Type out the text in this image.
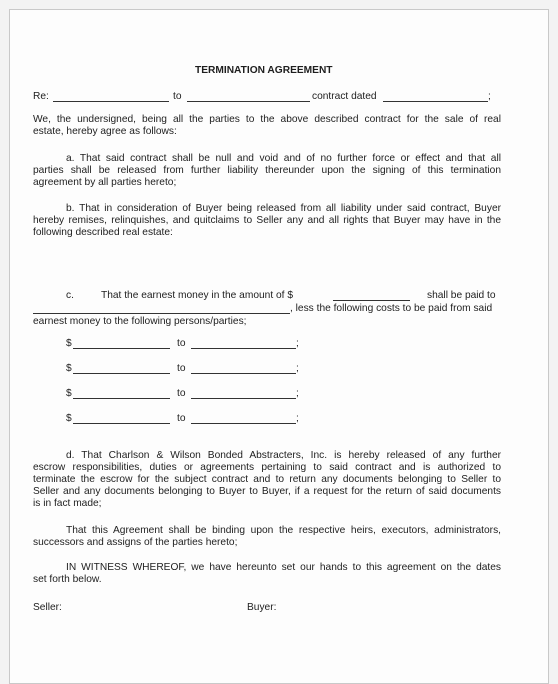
TERMINATION AGREEMENT
Re:	to	contract dated	;
We, the undersigned, being all the parties to the above described contract for the sale of real
estate, hereby agree as follows:
a. That said contract shall be null and void and of no further force or effect and that all
parties shall be released from further liability thereunder upon the signing of this termination
agreement by all parties hereto;
b. That in consideration of Buyer being released from all liability under said contract, Buyer
hereby remises, relinquishes, and quitclaims to Seller any and all rights that Buyer may have in the
following described real estate:
c.	That the earnest money in the amount of $	shall be paid to
, less the following costs to be paid from said
earnest money to the following persons/parties;
$	to	;
$	to	;
$	to	;
$	to	;
d. That Charlson & Wilson Bonded Abstracters, Inc. is hereby released of any further
escrow responsibilities, duties or agreements pertaining to said contract and is authorized to
terminate the escrow for the subject contract and to return any documents belonging to Seller to
Seller and any documents belonging to Buyer to Buyer, if a request for the return of said documents
is in fact made;
That this Agreement shall be binding upon the respective heirs, executors, administrators,
successors and assigns of the parties hereto;
IN WITNESS WHEREOF, we have hereunto set our hands to this agreement on the dates
set forth below.
Seller:	Buyer:
